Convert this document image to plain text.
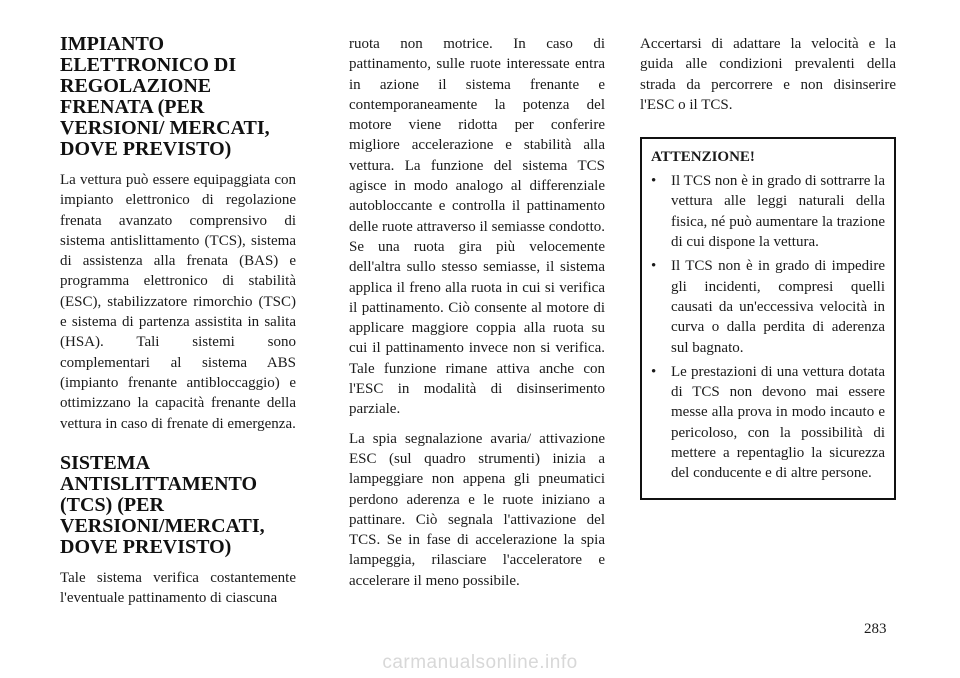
IMPIANTO ELETTRONICO DI REGOLAZIONE FRENATA (PER VERSIONI/ MERCATI, DOVE PREVISTO)

La vettura può essere equipaggiata con impianto elettronico di regolazione frenata avanzato comprensivo di sistema antislittamento (TCS), sistema di assistenza alla frenata (BAS) e programma elettronico di stabilità (ESC), stabilizzatore rimorchio (TSC) e sistema di partenza assistita in salita (HSA). Tali sistemi sono complementari al sistema ABS (impianto frenante antibloccaggio) e ottimizzano la capacità frenante della vettura in caso di frenate di emergenza.

SISTEMA ANTISLITTAMENTO (TCS) (PER VERSIONI/MERCATI, DOVE PREVISTO)

Tale sistema verifica costantemente l'eventuale pattinamento di ciascuna

ruota non motrice. In caso di pattinamento, sulle ruote interessate entra in azione il sistema frenante e contemporaneamente la potenza del motore viene ridotta per conferire migliore accelerazione e stabilità alla vettura. La funzione del sistema TCS agisce in modo analogo al differenziale autobloccante e controlla il pattinamento delle ruote attraverso il semiasse condotto. Se una ruota gira più velocemente dell'altra sullo stesso semiasse, il sistema applica il freno alla ruota in cui si verifica il pattinamento. Ciò consente al motore di applicare maggiore coppia alla ruota su cui il pattinamento invece non si verifica. Tale funzione rimane attiva anche con l'ESC in modalità di disinserimento parziale.

La spia segnalazione avaria/ attivazione ESC (sul quadro strumenti) inizia a lampeggiare non appena gli pneumatici perdono aderenza e le ruote iniziano a pattinare. Ciò segnala l'attivazione del TCS. Se in fase di accelerazione la spia lampeggia, rilasciare l'acceleratore e accelerare il meno possibile.

Accertarsi di adattare la velocità e la guida alle condizioni prevalenti della strada da percorrere e non disinserire l'ESC o il TCS.

ATTENZIONE!
• Il TCS non è in grado di sottrarre la vettura alle leggi naturali della fisica, né può aumentare la trazione di cui dispone la vettura.
• Il TCS non è in grado di impedire gli incidenti, compresi quelli causati da un'eccessiva velocità in curva o dalla perdita di aderenza sul bagnato.
• Le prestazioni di una vettura dotata di TCS non devono mai essere messe alla prova in modo incauto e pericoloso, con la possibilità di mettere a repentaglio la sicurezza del conducente e di altre persone.
283
carmanualsonline.info
